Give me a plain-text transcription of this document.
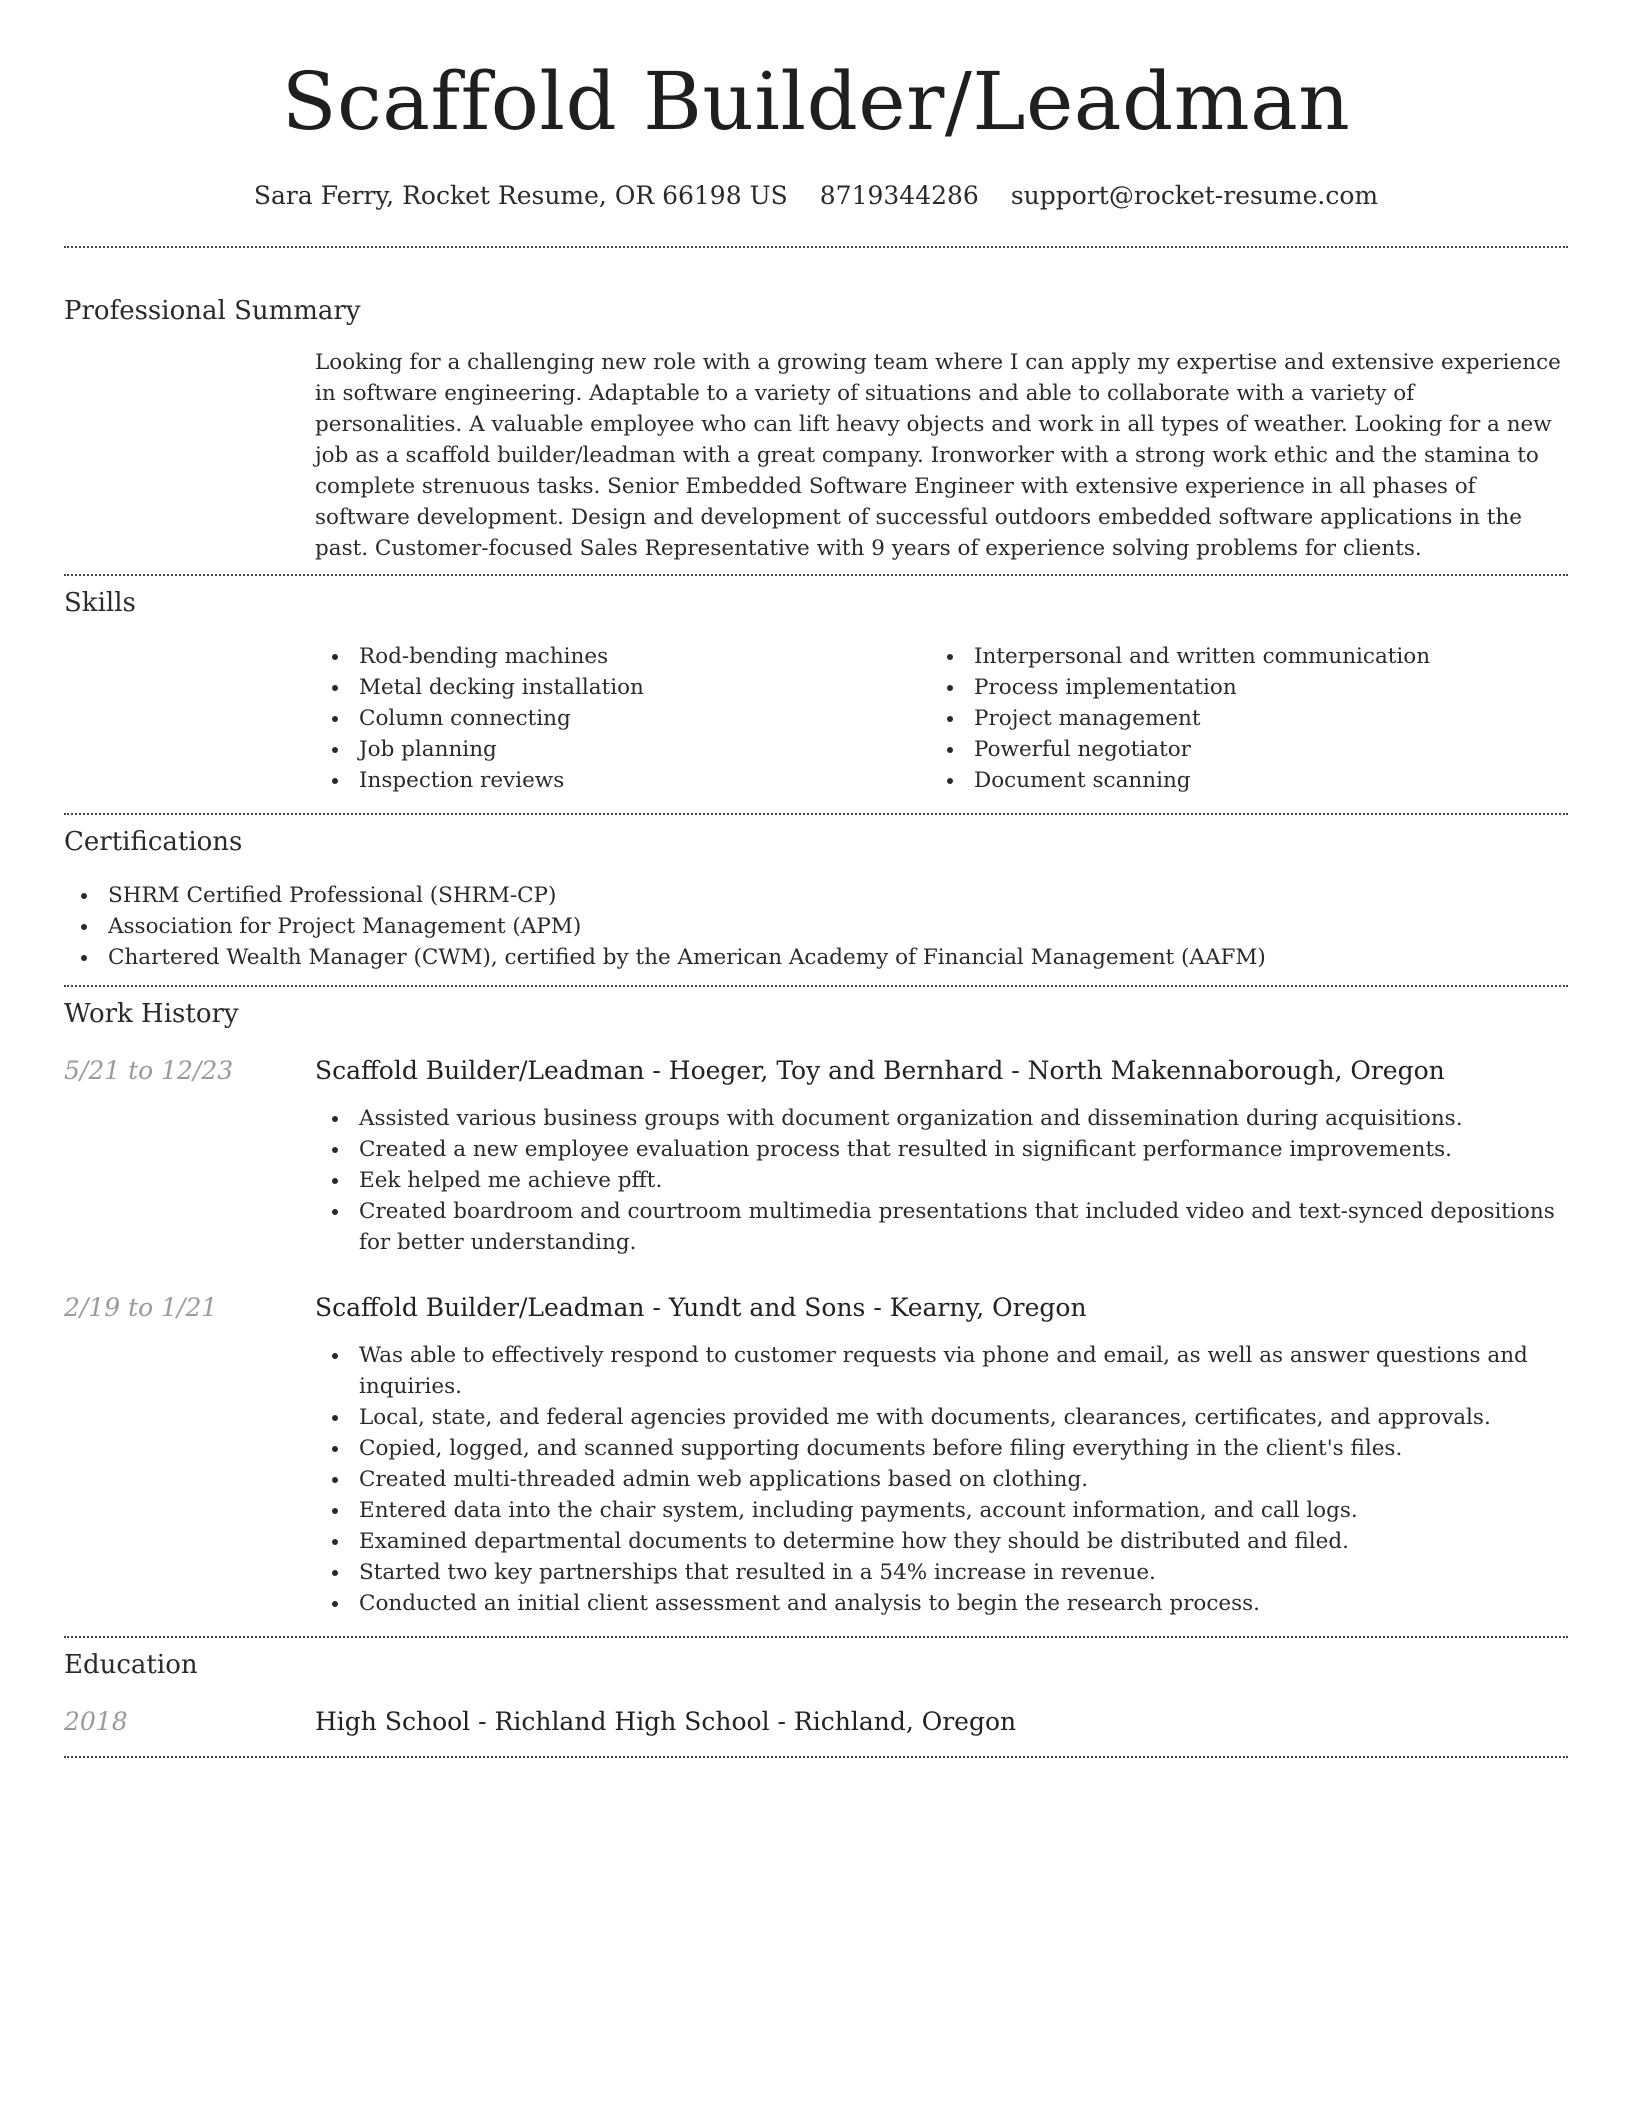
Scaffold Builder/Leadman
Sara Ferry, Rocket Resume, OR 66198 US 8719344286 support@rocket-resume.com
Professional Summary

Looking for a challenging new role with a growing team where I can apply my expertise and extensive experience in software engineering. Adaptable to a variety of situations and able to collaborate with a variety of personalities. A valuable employee who can lift heavy objects and work in all types of weather. Looking for a new job as a scaffold builder/leadman with a great company. Ironworker with a strong work ethic and the stamina to complete strenuous tasks. Senior Embedded Software Engineer with extensive experience in all phases of software development. Design and development of successful outdoors embedded software applications in the past. Customer-focused Sales Representative with 9 years of experience solving problems for clients.

Skills
Rod-bending machines
Metal decking installation
Column connecting
Job planning
Inspection reviews
Interpersonal and written communication
Process implementation
Project management
Powerful negotiator
Document scanning
Certifications
SHRM Certified Professional (SHRM-CP)
Association for Project Management (APM)
Chartered Wealth Manager (CWM), certified by the American Academy of Financial Management (AAFM)
Work History
5/21 to 12/23	Scaffold Builder/Leadman - Hoeger, Toy and Bernhard - North Makennaborough, Oregon
Assisted various business groups with document organization and dissemination during acquisitions.
Created a new employee evaluation process that resulted in significant performance improvements.
Eek helped me achieve pfft.
Created boardroom and courtroom multimedia presentations that included video and text-synced depositions for better understanding.
2/19 to 1/21	Scaffold Builder/Leadman - Yundt and Sons - Kearny, Oregon
Was able to effectively respond to customer requests via phone and email, as well as answer questions and inquiries.
Local, state, and federal agencies provided me with documents, clearances, certificates, and approvals.
Copied, logged, and scanned supporting documents before filing everything in the client's files.
Created multi-threaded admin web applications based on clothing.
Entered data into the chair system, including payments, account information, and call logs.
Examined departmental documents to determine how they should be distributed and filed.
Started two key partnerships that resulted in a 54% increase in revenue.
Conducted an initial client assessment and analysis to begin the research process.
Education
2018	High School - Richland High School - Richland, Oregon
